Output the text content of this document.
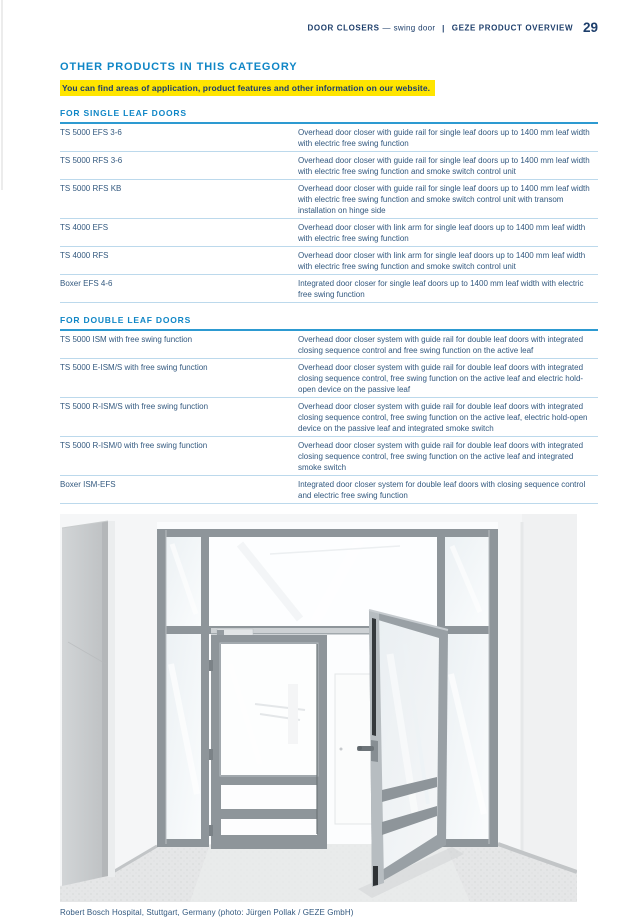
DOOR CLOSERS — swing door | GEZE PRODUCT OVERVIEW 29
OTHER PRODUCTS IN THIS CATEGORY
You can find areas of application, product features and other information on our website.
FOR SINGLE LEAF DOORS
TS 5000 EFS 3-6	Overhead door closer with guide rail for single leaf doors up to 1400 mm leaf width with electric free swing function
TS 5000 RFS 3-6	Overhead door closer with guide rail for single leaf doors up to 1400 mm leaf width with electric free swing function and smoke switch control unit
TS 5000 RFS KB	Overhead door closer with guide rail for single leaf doors up to 1400 mm leaf width with electric free swing function and smoke switch control unit with transom installation on hinge side
TS 4000 EFS	Overhead door closer with link arm for single leaf doors up to 1400 mm leaf width with electric free swing function
TS 4000 RFS	Overhead door closer with link arm for single leaf doors up to 1400 mm leaf width with electric free swing function and smoke switch control unit
Boxer EFS 4-6	Integrated door closer for single leaf doors up to 1400 mm leaf width with electric free swing function
FOR DOUBLE LEAF DOORS
TS 5000 ISM with free swing function	Overhead door closer system with guide rail for double leaf doors with integrated closing sequence control and free swing function on the active leaf
TS 5000 E-ISM/S with free swing function	Overhead door closer system with guide rail for double leaf doors with integrated closing sequence control, free swing function on the active leaf and electric hold-open device on the passive leaf
TS 5000 R-ISM/S with free swing function	Overhead door closer system with guide rail for double leaf doors with integrated closing sequence control, free swing function on the active leaf, electric hold-open device on the passive leaf and integrated smoke switch
TS 5000 R-ISM/0 with free swing function	Overhead door closer system with guide rail for double leaf doors with integrated closing sequence control, free swing function on the active leaf and integrated smoke switch
Boxer ISM-EFS	Integrated door closer system for double leaf doors with closing sequence control and electric free swing function
Robert Bosch Hospital, Stuttgart, Germany (photo: Jürgen Pollak / GEZE GmbH)
